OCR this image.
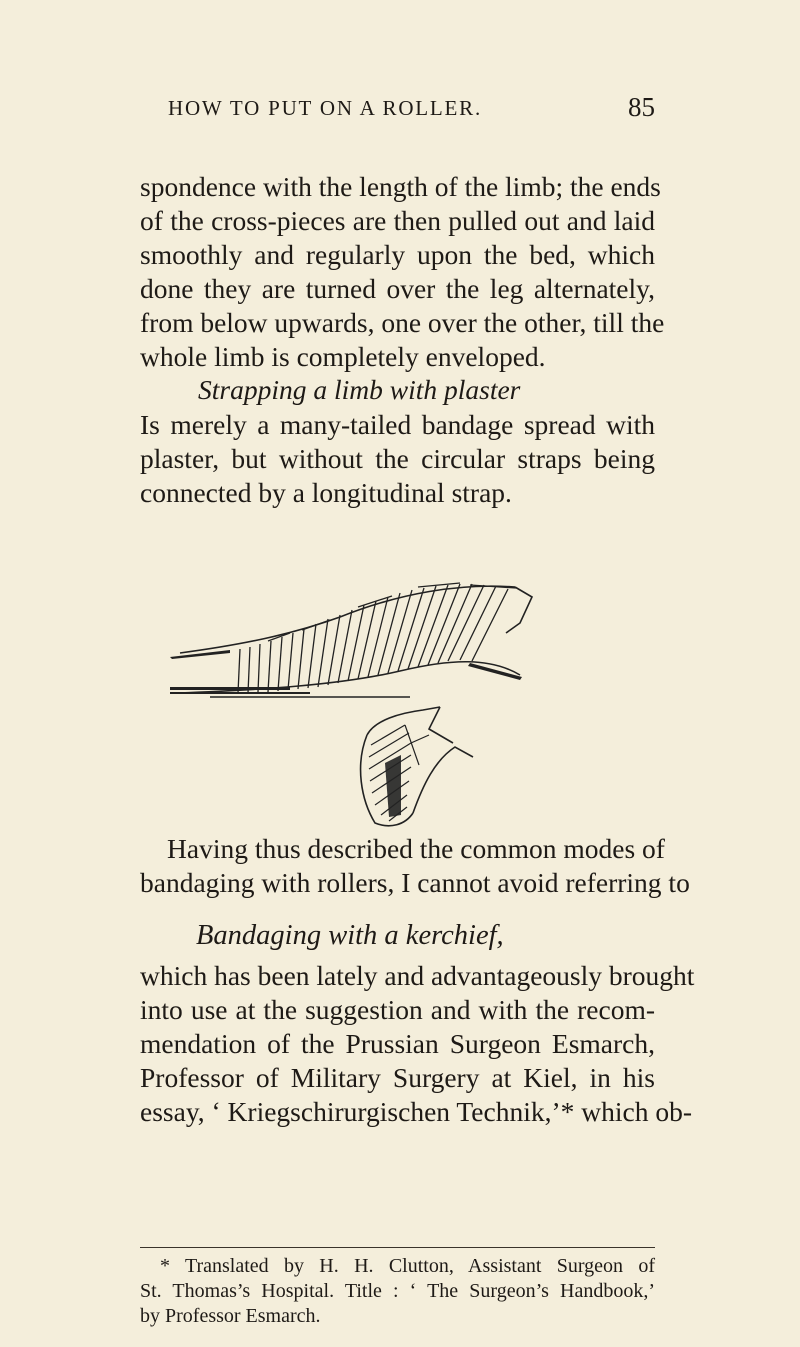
HOW TO PUT ON A ROLLER.	85
spondence with the length of the limb; the ends
of the cross-pieces are then pulled out and laid
smoothly and regularly upon the bed, which
done they are turned over the leg alternately,
from below upwards, one over the other, till the
whole limb is completely enveloped.
Strapping a limb with plaster
Is merely a many-tailed bandage spread with
plaster, but without the circular straps being
connected by a longitudinal strap.
Having thus described the common modes of
bandaging with rollers, I cannot avoid referring to
Bandaging with a kerchief,
which has been lately and advantageously brought
into use at the suggestion and with the recom-
mendation of the Prussian Surgeon Esmarch,
Professor of Military Surgery at Kiel, in his
essay, ‘ Kriegschirurgischen Technik,’* which ob-
* Translated by H. H. Clutton, Assistant Surgeon of
St. Thomas’s Hospital. Title : ‘ The Surgeon’s Handbook,’
by Professor Esmarch.
